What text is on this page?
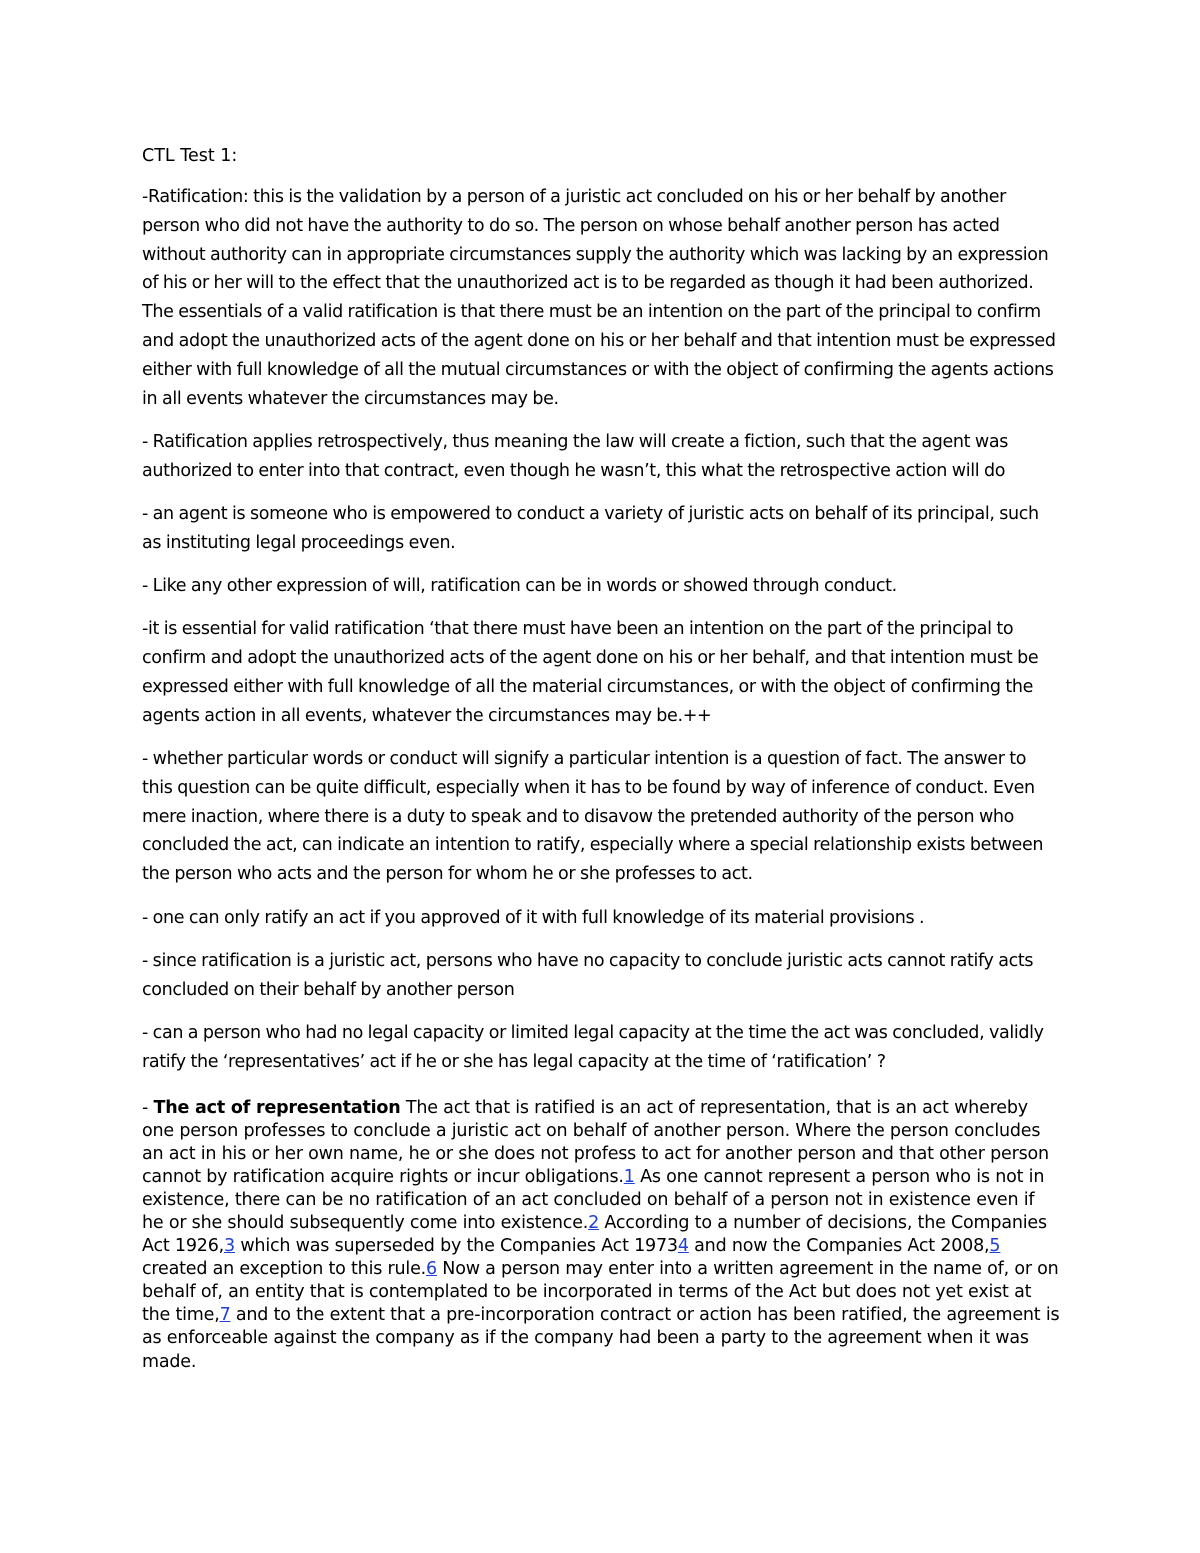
CTL Test 1:

-Ratification: this is the validation by a person of a juristic act concluded on his or her behalf by another person who did not have the authority to do so. The person on whose behalf another person has acted without authority can in appropriate circumstances supply the authority which was lacking by an expression of his or her will to the effect that the unauthorized act is to be regarded as though it had been authorized. The essentials of a valid ratification is that there must be an intention on the part of the principal to confirm and adopt the unauthorized acts of the agent done on his or her behalf and that intention must be expressed either with full knowledge of all the mutual circumstances or with the object of confirming the agents actions in all events whatever the circumstances may be.

- Ratification applies retrospectively, thus meaning the law will create a fiction, such that the agent was authorized to enter into that contract, even though he wasn’t, this what the retrospective action will do

- an agent is someone who is empowered to conduct a variety of juristic acts on behalf of its principal, such as instituting legal proceedings even.

- Like any other expression of will, ratification can be in words or showed through conduct.

-it is essential for valid ratification ‘that there must have been an intention on the part of the principal to confirm and adopt the unauthorized acts of the agent done on his or her behalf, and that intention must be expressed either with full knowledge of all the material circumstances, or with the object of confirming the agents action in all events, whatever the circumstances may be.++

- whether particular words or conduct will signify a particular intention is a question of fact. The answer to this question can be quite difficult, especially when it has to be found by way of inference of conduct. Even mere inaction, where there is a duty to speak and to disavow the pretended authority of the person who concluded the act, can indicate an intention to ratify, especially where a special relationship exists between the person who acts and the person for whom he or she professes to act.

- one can only ratify an act if you approved of it with full knowledge of its material provisions .

- since ratification is a juristic act, persons who have no capacity to conclude juristic acts cannot ratify acts concluded on their behalf by another person

- can a person who had no legal capacity or limited legal capacity at the time the act was concluded, validly ratify the ‘representatives’ act if he or she has legal capacity at the time of ‘ratification’ ?

- The act of representation The act that is ratified is an act of representation, that is an act whereby one person professes to conclude a juristic act on behalf of another person. Where the person concludes an act in his or her own name, he or she does not profess to act for another person and that other person cannot by ratification acquire rights or incur obligations.1 As one cannot represent a person who is not in existence, there can be no ratification of an act concluded on behalf of a person not in existence even if he or she should subsequently come into existence.2 According to a number of decisions, the Companies Act 1926,3 which was superseded by the Companies Act 19734 and now the Companies Act 2008,5 created an exception to this rule.6 Now a person may enter into a written agreement in the name of, or on behalf of, an entity that is contemplated to be incorporated in terms of the Act but does not yet exist at the time,7 and to the extent that a pre-incorporation contract or action has been ratified, the agreement is as enforceable against the company as if the company had been a party to the agreement when it was made.
